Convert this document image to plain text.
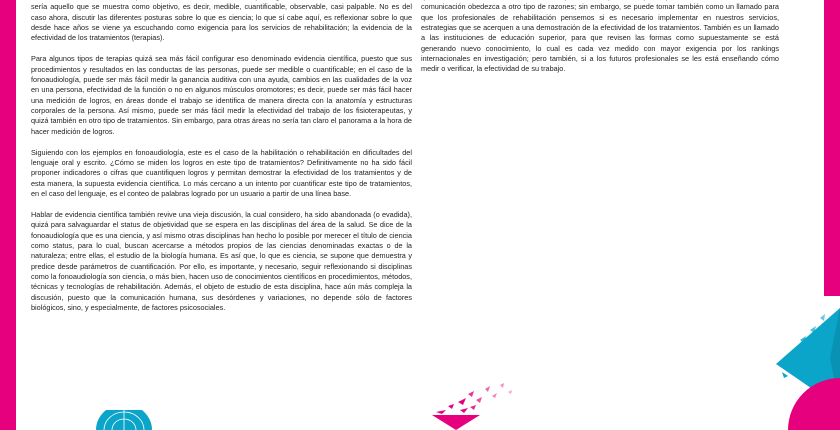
sería aquello que se muestra como objetivo, es decir, medible, cuantificable, observable, casi palpable. No es del caso ahora, discutir las diferentes posturas sobre lo que es ciencia; lo que sí cabe aquí, es reflexionar sobre lo que desde hace años se viene ya escuchando como exigencia para los servicios de rehabilitación; la evidencia de la efectividad de los tratamientos (terapias).

Para algunos tipos de terapias quizá sea más fácil configurar eso denominado evidencia científica, puesto que sus procedimientos y resultados en las conductas de las personas, puede ser medible o cuantificable; en el caso de la fonoaudiología, puede ser más fácil medir la ganancia auditiva con una ayuda, cambios en las cualidades de la voz en una persona, efectividad de la función o no en algunos músculos oromotores; es decir, puede ser más fácil hacer una medición de logros, en áreas donde el trabajo se identifica de manera directa con la anatomía y estructuras corporales de la persona. Así mismo, puede ser más fácil medir la efectividad del trabajo de los fisioterapeutas, y quizá también en otro tipo de tratamientos. Sin embargo, para otras áreas no sería tan claro el panorama a la hora de hacer medición de logros.

Siguiendo con los ejemplos en fonoaudiología, este es el caso de la habilitación o rehabilitación en dificultades del lenguaje oral y escrito. ¿Cómo se miden los logros en este tipo de tratamientos? Definitivamente no ha sido fácil proponer indicadores o cifras que cuantifiquen logros y permitan demostrar la efectividad de los tratamientos y de esta manera, la supuesta evidencia científica. Lo más cercano a un intento por cuantificar este tipo de tratamientos, en el caso del lenguaje, es el conteo de palabras logrado por un usuario a partir de una línea base.

Hablar de evidencia científica también revive una vieja discusión, la cual considero, ha sido abandonada (o evadida), quizá para salvaguardar el status de objetividad que se espera en las disciplinas del área de la salud. Se dice de la fonoaudiología que es una ciencia, y así mismo otras disciplinas han hecho lo posible por merecer el título de ciencia como status, para lo cual, buscan acercarse a métodos propios de las ciencias denominadas exactas o de la naturaleza; entre ellas, el estudio de la biología humana. Es así que, lo que es ciencia, se supone que demuestra y predice desde parámetros de cuantificación. Por ello, es importante, y necesario, seguir reflexionando si disciplinas como la fonoaudiología son ciencia, o más bien, hacen uso de conocimientos científicos en procedimientos, métodos, técnicas y tecnologías de rehabilitación. Además, el objeto de estudio de esta disciplina, hace aún más compleja la discusión, puesto que la comunicación humana, sus desórdenes y variaciones, no depende sólo de factores biológicos, sino, y especialmente, de factores psicosociales.

comunicación obedezca a otro tipo de razones; sin embargo, se puede tomar también como un llamado para que los profesionales de rehabilitación pensemos si es necesario implementar en nuestros servicios, estrategias que se acerquen a una demostración de la efectividad de los tratamientos. También es un llamado a las instituciones de educación superior, para que revisen las formas como supuestamente se está generando nuevo conocimiento, lo cual es cada vez medido con mayor exigencia por los rankings internacionales en investigación; pero también, si a los futuros profesionales se les está enseñando cómo medir o verificar, la efectividad de su trabajo.
